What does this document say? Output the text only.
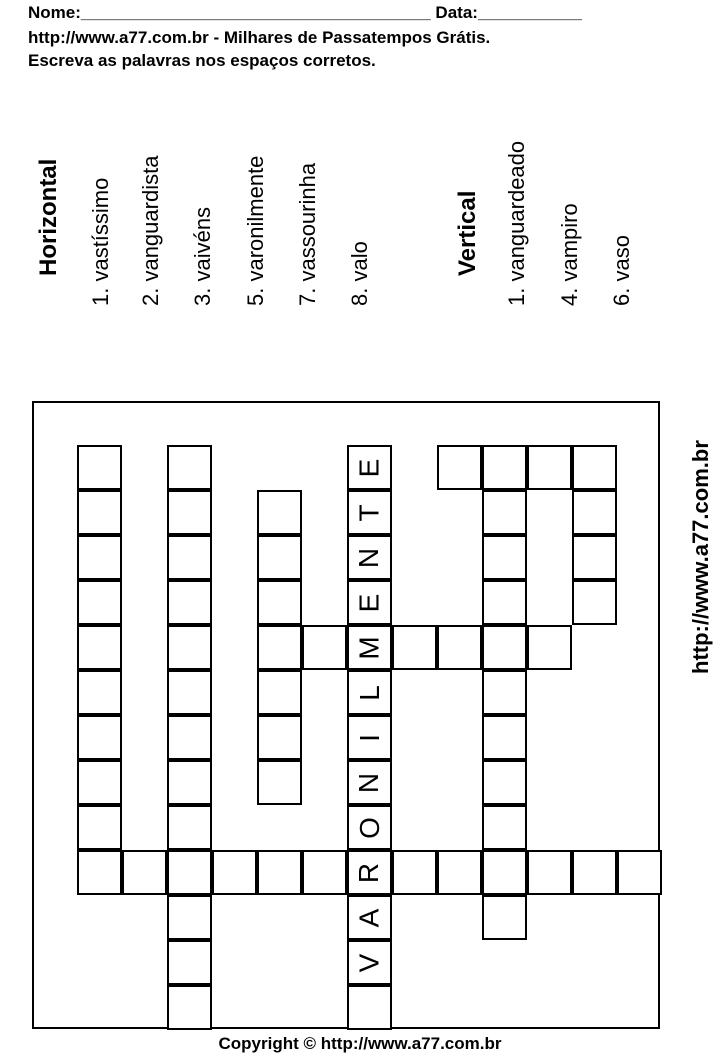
Nome:_____________________________________ Data:___________
http://www.a77.com.br - Milhares de Passatempos Grátis.
Escreva as palavras nos espaços corretos.
Horizontal 1. vastíssimo 2. vanguardista 3. vaivéns 5. varonilmente 7. vassourinha 8. valo	Vertical 1. vanguardeado 4. vampiro 6. vaso
V
A
R
O
N
I
L
M
E
N
T
E	http://www.a77.com.br
Copyright © http://www.a77.com.br
